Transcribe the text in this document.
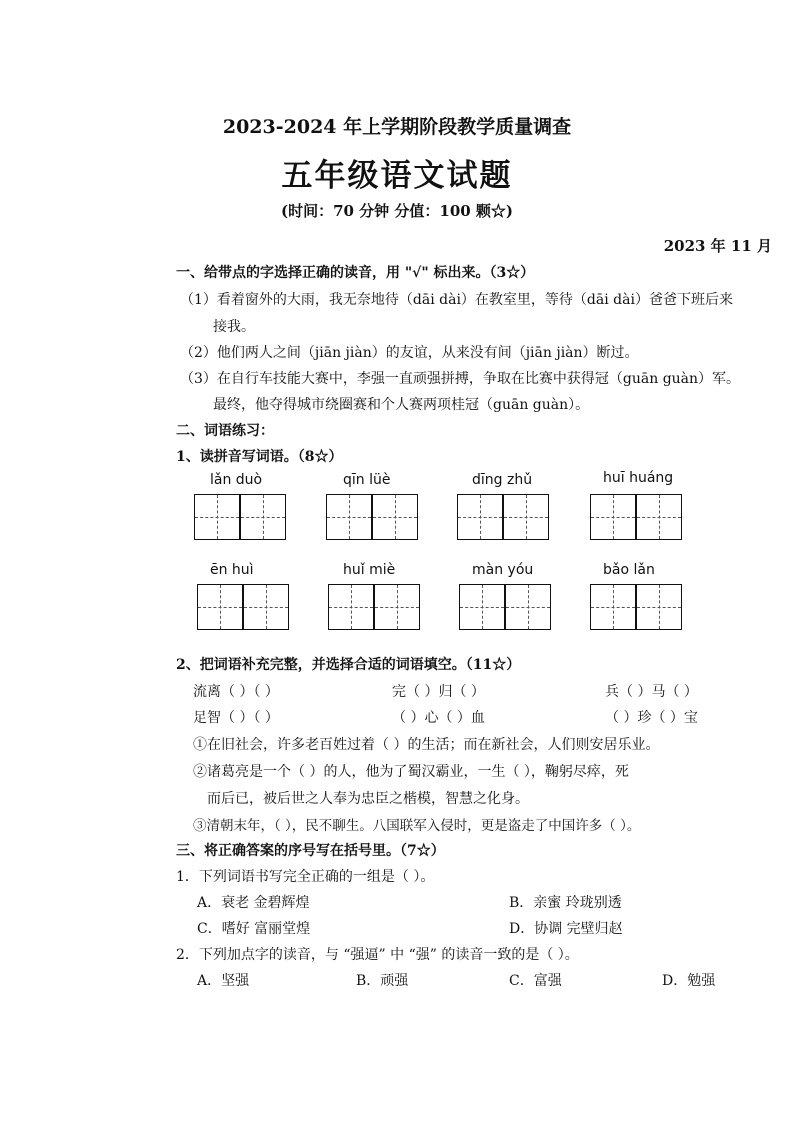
2023-2024 年上学期阶段教学质量调查
五年级语文试题
(时间：70 分钟 分值：100 颗☆)
2023 年 11 月
一、给带点的字选择正确的读音，用 "√" 标出来。（3☆）
（1）看着窗外的大雨，我无奈地待（dāi dài）在教室里，等待（dāi dài）爸爸下班后来
接我。
（2）他们两人之间（jiān jiàn）的友谊，从来没有间（jiān jiàn）断过。
（3）在自行车技能大赛中，李强一直顽强拼搏，争取在比赛中获得冠（guān guàn）军。
最终，他夺得城市绕圈赛和个人赛两项桂冠（guān guàn）。
二、词语练习：
1、读拼音写词语。（8☆）
lǎn duò	qīn lüè	dīng zhǔ	huī huáng
ēn huì	huǐ miè	màn yóu	bǎo lǎn
2、把词语补充完整，并选择合适的词语填空。（11☆）
流离（ ）（ ）	完（ ）归（ ）	兵（ ）马（ ）
足智（ ）（ ）	（ ）心（ ）血	（ ）珍（ ）宝
①在旧社会，许多老百姓过着（ ）的生活；而在新社会，人们则安居乐业。
②诸葛亮是一个（ ）的人，他为了蜀汉霸业，一生（ ），鞠躬尽瘁，死
而后已，被后世之人奉为忠臣之楷模，智慧之化身。
③清朝末年，（ ），民不聊生。八国联军入侵时，更是盗走了中国许多（ ）。
三、将正确答案的序号写在括号里。（7☆）
1．下列词语书写完全正确的一组是（ ）。
A．衰老 金碧辉煌	B．亲蜜 玲珑别透
C．嗜好 富丽堂煌	D．协调 完壁归赵
2．下列加点字的读音，与 “强逼” 中 “强” 的读音一致的是（ ）。
A．坚强	B．顽强	C．富强	D．勉强
